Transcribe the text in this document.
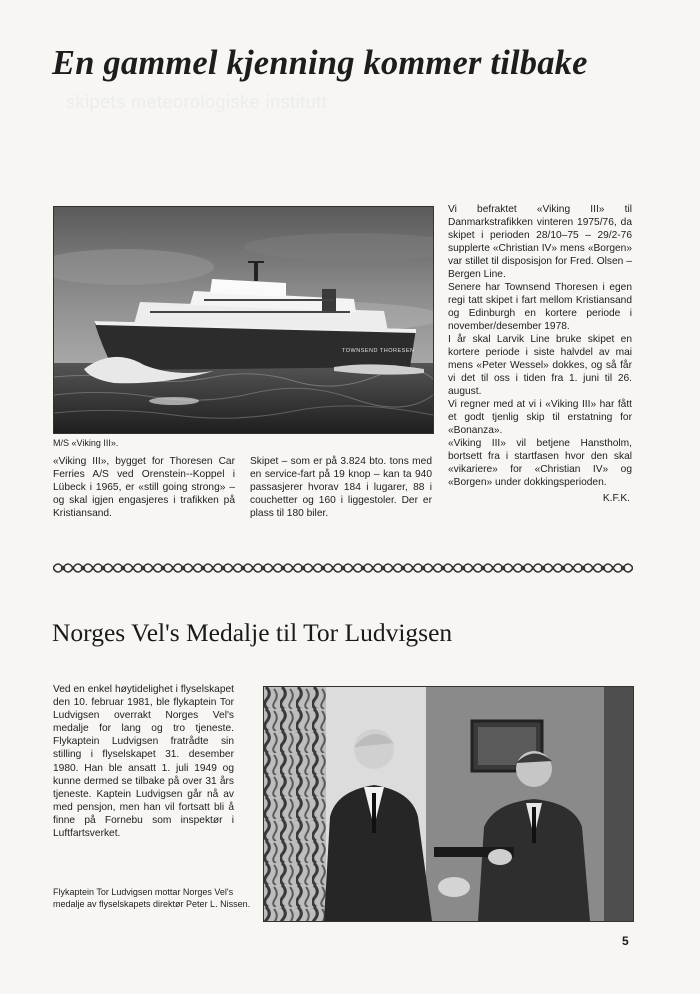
skipets meteorologiske institutt
En gammel kjenning kommer tilbake
TOWNSEND THORESEN
M/S «Viking III».
«Viking III», bygget for Thoresen Car Ferries A/S ved Orenstein--Koppel i Lübeck i 1965, er «still going strong» – og skal igjen engasjeres i trafikken på Kristiansand.
Skipet – som er på 3.824 bto. tons med en service-fart på 19 knop – kan ta 940 passasjerer hvorav 184 i lugarer, 88 i couchetter og 160 i liggestoler. Der er plass til 180 biler.
Vi befraktet «Viking III» til Danmarkstrafikken vinteren 1975/76, da skipet i perioden 28/10–75 – 29/2-76 supplerte «Christian IV» mens «Borgen» var stillet til disposisjon for Fred. Olsen – Bergen Line.
Senere har Townsend Thoresen i egen regi tatt skipet i fart mellom Kristiansand og Edinburgh en kortere periode i november/desember 1978.
I år skal Larvik Line bruke skipet en kortere periode i siste halvdel av mai mens «Peter Wessel» dokkes, og så får vi det til oss i tiden fra 1. juni til 26. august.
Vi regner med at vi i «Viking III» har fått et godt tjenlig skip til erstatning for «Bonanza».
«Viking III» vil betjene Hanstholm, bortsett fra i startfasen hvor den skal «vikariere» for «Christian IV» og «Borgen» under dokkingsperioden.
K.F.K.
Norges Vel's Medalje til Tor Ludvigsen
Ved en enkel høytidelighet i flyselskapet den 10. februar 1981, ble flykaptein Tor Ludvigsen overrakt Norges Vel's medalje for lang og tro tjeneste. Flykaptein Ludvigsen fratrådte sin stilling i flyselskapet 31. desember 1980. Han ble ansatt 1. juli 1949 og kunne dermed se tilbake på over 31 års tjeneste. Kaptein Ludvigsen går nå av med pensjon, men han vil fortsatt bli å finne på Fornebu som inspektør i Luftfartsverket.
Flykaptein Tor Ludvigsen mottar Norges Vel's medalje av flyselskapets direktør Peter L. Nissen.
5
